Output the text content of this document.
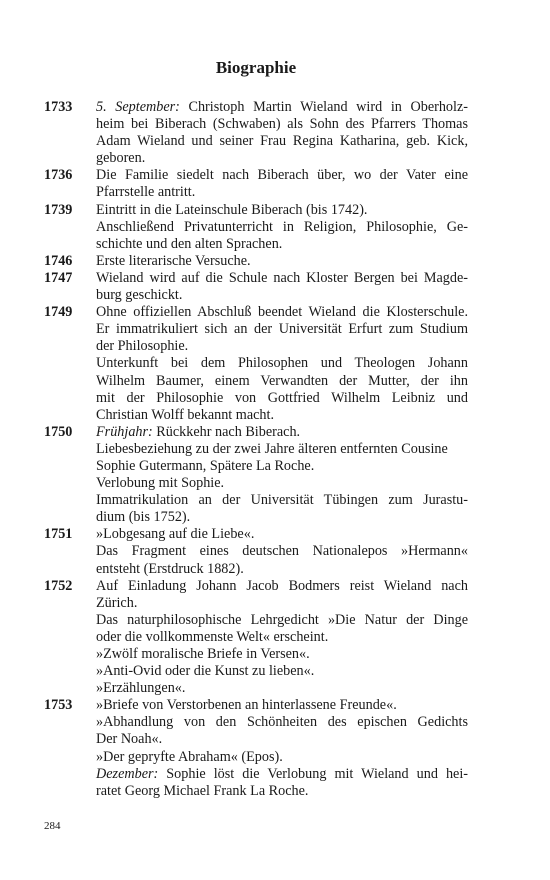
Biographie
1733	5. September: Christoph Martin Wieland wird in Oberholz-
heim bei Biberach (Schwaben) als Sohn des Pfarrers Thomas
Adam Wieland und seiner Frau Regina Katharina, geb. Kick,
geboren.
1736	Die Familie siedelt nach Biberach über, wo der Vater eine
Pfarrstelle antritt.
1739	Eintritt in die Lateinschule Biberach (bis 1742).
Anschließend Privatunterricht in Religion, Philosophie, Ge-
schichte und den alten Sprachen.
1746	Erste literarische Versuche.
1747	Wieland wird auf die Schule nach Kloster Bergen bei Magde-
burg geschickt.
1749	Ohne offiziellen Abschluß beendet Wieland die Klosterschule.
Er immatrikuliert sich an der Universität Erfurt zum Studium
der Philosophie.
Unterkunft bei dem Philosophen und Theologen Johann
Wilhelm Baumer, einem Verwandten der Mutter, der ihn
mit der Philosophie von Gottfried Wilhelm Leibniz und
Christian Wolff bekannt macht.
1750	Frühjahr: Rückkehr nach Biberach.
Liebesbeziehung zu der zwei Jahre älteren entfernten Cousine
Sophie Gutermann, Spätere La Roche.
Verlobung mit Sophie.
Immatrikulation an der Universität Tübingen zum Jurastu-
dium (bis 1752).
1751	»Lobgesang auf die Liebe«.
Das Fragment eines deutschen Nationalepos »Hermann«
entsteht (Erstdruck 1882).
1752	Auf Einladung Johann Jacob Bodmers reist Wieland nach
Zürich.
Das naturphilosophische Lehrgedicht »Die Natur der Dinge
oder die vollkommenste Welt« erscheint.
»Zwölf moralische Briefe in Versen«.
»Anti-Ovid oder die Kunst zu lieben«.
»Erzählungen«.
1753	»Briefe von Verstorbenen an hinterlassene Freunde«.
»Abhandlung von den Schönheiten des epischen Gedichts
Der Noah«.
»Der gepryfte Abraham« (Epos).
Dezember: Sophie löst die Verlobung mit Wieland und hei-
ratet Georg Michael Frank La Roche.
284
